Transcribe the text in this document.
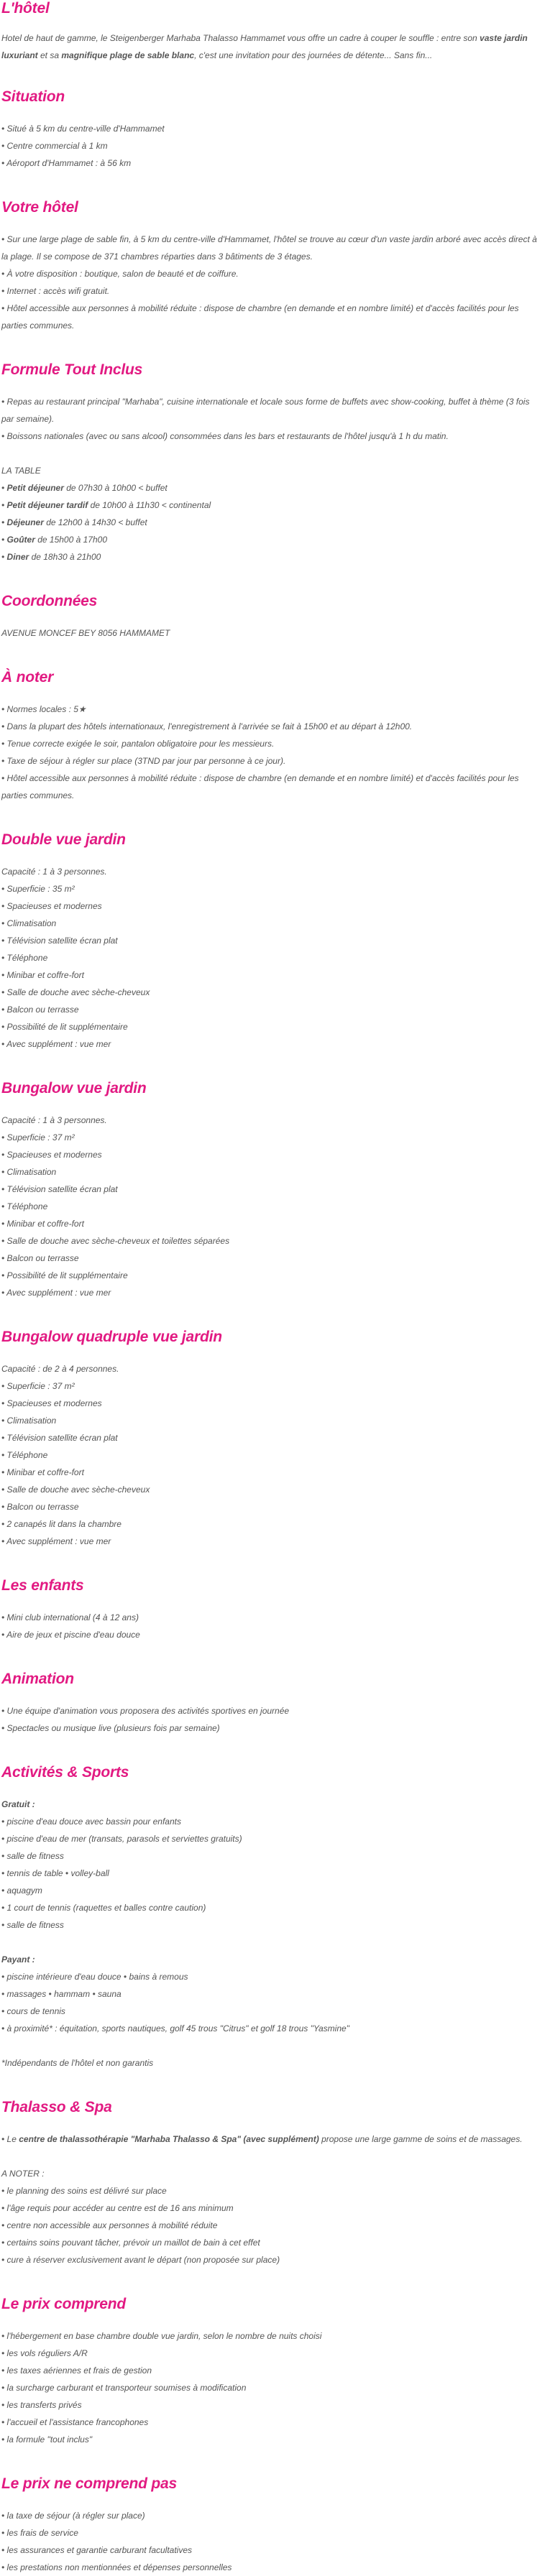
L'hôtel
Hotel de haut de gamme, le Steigenberger Marhaba Thalasso Hammamet vous offre un cadre à couper le souffle : entre son vaste jardin luxuriant et sa magnifique plage de sable blanc, c'est une invitation pour des journées de détente... Sans fin...
Situation
• Situé à 5 km du centre-ville d'Hammamet
• Centre commercial à 1 km
• Aéroport d'Hammamet : à 56 km
Votre hôtel
• Sur une large plage de sable fin, à 5 km du centre-ville d'Hammamet, l'hôtel se trouve au cœur d'un vaste jardin arboré avec accès direct à la plage. Il se compose de 371 chambres réparties dans 3 bâtiments de 3 étages.
• À votre disposition : boutique, salon de beauté et de coiffure.
• Internet : accès wifi gratuit.
• Hôtel accessible aux personnes à mobilité réduite : dispose de chambre (en demande et en nombre limité) et d'accès facilités pour les parties communes.
Formule Tout Inclus
• Repas au restaurant principal "Marhaba", cuisine internationale et locale sous forme de buffets avec show-cooking, buffet à thème (3 fois par semaine).
• Boissons nationales (avec ou sans alcool) consommées dans les bars et restaurants de l'hôtel jusqu'à 1 h du matin.
LA TABLE
• Petit déjeuner de 07h30 à 10h00 < buffet
• Petit déjeuner tardif de 10h00 à 11h30 < continental
• Déjeuner de 12h00 à 14h30 < buffet
• Goûter de 15h00 à 17h00
• Diner de 18h30 à 21h00
Coordonnées
AVENUE MONCEF BEY 8056 HAMMAMET
À noter
• Normes locales : 5★
• Dans la plupart des hôtels internationaux, l'enregistrement à l'arrivée se fait à 15h00 et au départ à 12h00.
• Tenue correcte exigée le soir, pantalon obligatoire pour les messieurs.
• Taxe de séjour à régler sur place (3TND par jour par personne à ce jour).
• Hôtel accessible aux personnes à mobilité réduite : dispose de chambre (en demande et en nombre limité) et d'accès facilités pour les parties communes.
Double vue jardin
Capacité : 1 à 3 personnes.
• Superficie : 35 m²
• Spacieuses et modernes
• Climatisation
• Télévision satellite écran plat
• Téléphone
• Minibar et coffre-fort
• Salle de douche avec sèche-cheveux
• Balcon ou terrasse
• Possibilité de lit supplémentaire
• Avec supplément : vue mer
Bungalow vue jardin
Capacité : 1 à 3 personnes.
• Superficie : 37 m²
• Spacieuses et modernes
• Climatisation
• Télévision satellite écran plat
• Téléphone
• Minibar et coffre-fort
• Salle de douche avec sèche-cheveux et toilettes séparées
• Balcon ou terrasse
• Possibilité de lit supplémentaire
• Avec supplément : vue mer
Bungalow quadruple vue jardin
Capacité : de 2 à 4 personnes.
• Superficie : 37 m²
• Spacieuses et modernes
• Climatisation
• Télévision satellite écran plat
• Téléphone
• Minibar et coffre-fort
• Salle de douche avec sèche-cheveux
• Balcon ou terrasse
• 2 canapés lit dans la chambre
• Avec supplément : vue mer
Les enfants
• Mini club international (4 à 12 ans)
• Aire de jeux et piscine d'eau douce
Animation
• Une équipe d'animation vous proposera des activités sportives en journée
• Spectacles ou musique live (plusieurs fois par semaine)
Activités & Sports
Gratuit :
• piscine d'eau douce avec bassin pour enfants
• piscine d'eau de mer (transats, parasols et serviettes gratuits)
• salle de fitness
• tennis de table • volley-ball
• aquagym
• 1 court de tennis (raquettes et balles contre caution)
• salle de fitness
Payant :
• piscine intérieure d'eau douce • bains à remous
• massages • hammam • sauna
• cours de tennis
• à proximité* : équitation, sports nautiques, golf 45 trous "Citrus" et golf 18 trous "Yasmine"
*Indépendants de l'hôtel et non garantis
Thalasso & Spa
• Le centre de thalassothérapie "Marhaba Thalasso & Spa" (avec supplément) propose une large gamme de soins et de massages.
A NOTER :
• le planning des soins est délivré sur place
• l'âge requis pour accéder au centre est de 16 ans minimum
• centre non accessible aux personnes à mobilité réduite
• certains soins pouvant tâcher, prévoir un maillot de bain à cet effet
• cure à réserver exclusivement avant le départ (non proposée sur place)
Le prix comprend
• l'hébergement en base chambre double vue jardin, selon le nombre de nuits choisi
• les vols réguliers A/R
• les taxes aériennes et frais de gestion
• la surcharge carburant et transporteur soumises à modification
• les transferts privés
• l'accueil et l'assistance francophones
• la formule "tout inclus"
Le prix ne comprend pas
• la taxe de séjour (à régler sur place)
• les frais de service
• les assurances et garantie carburant facultatives
• les prestations non mentionnées et dépenses personnelles
